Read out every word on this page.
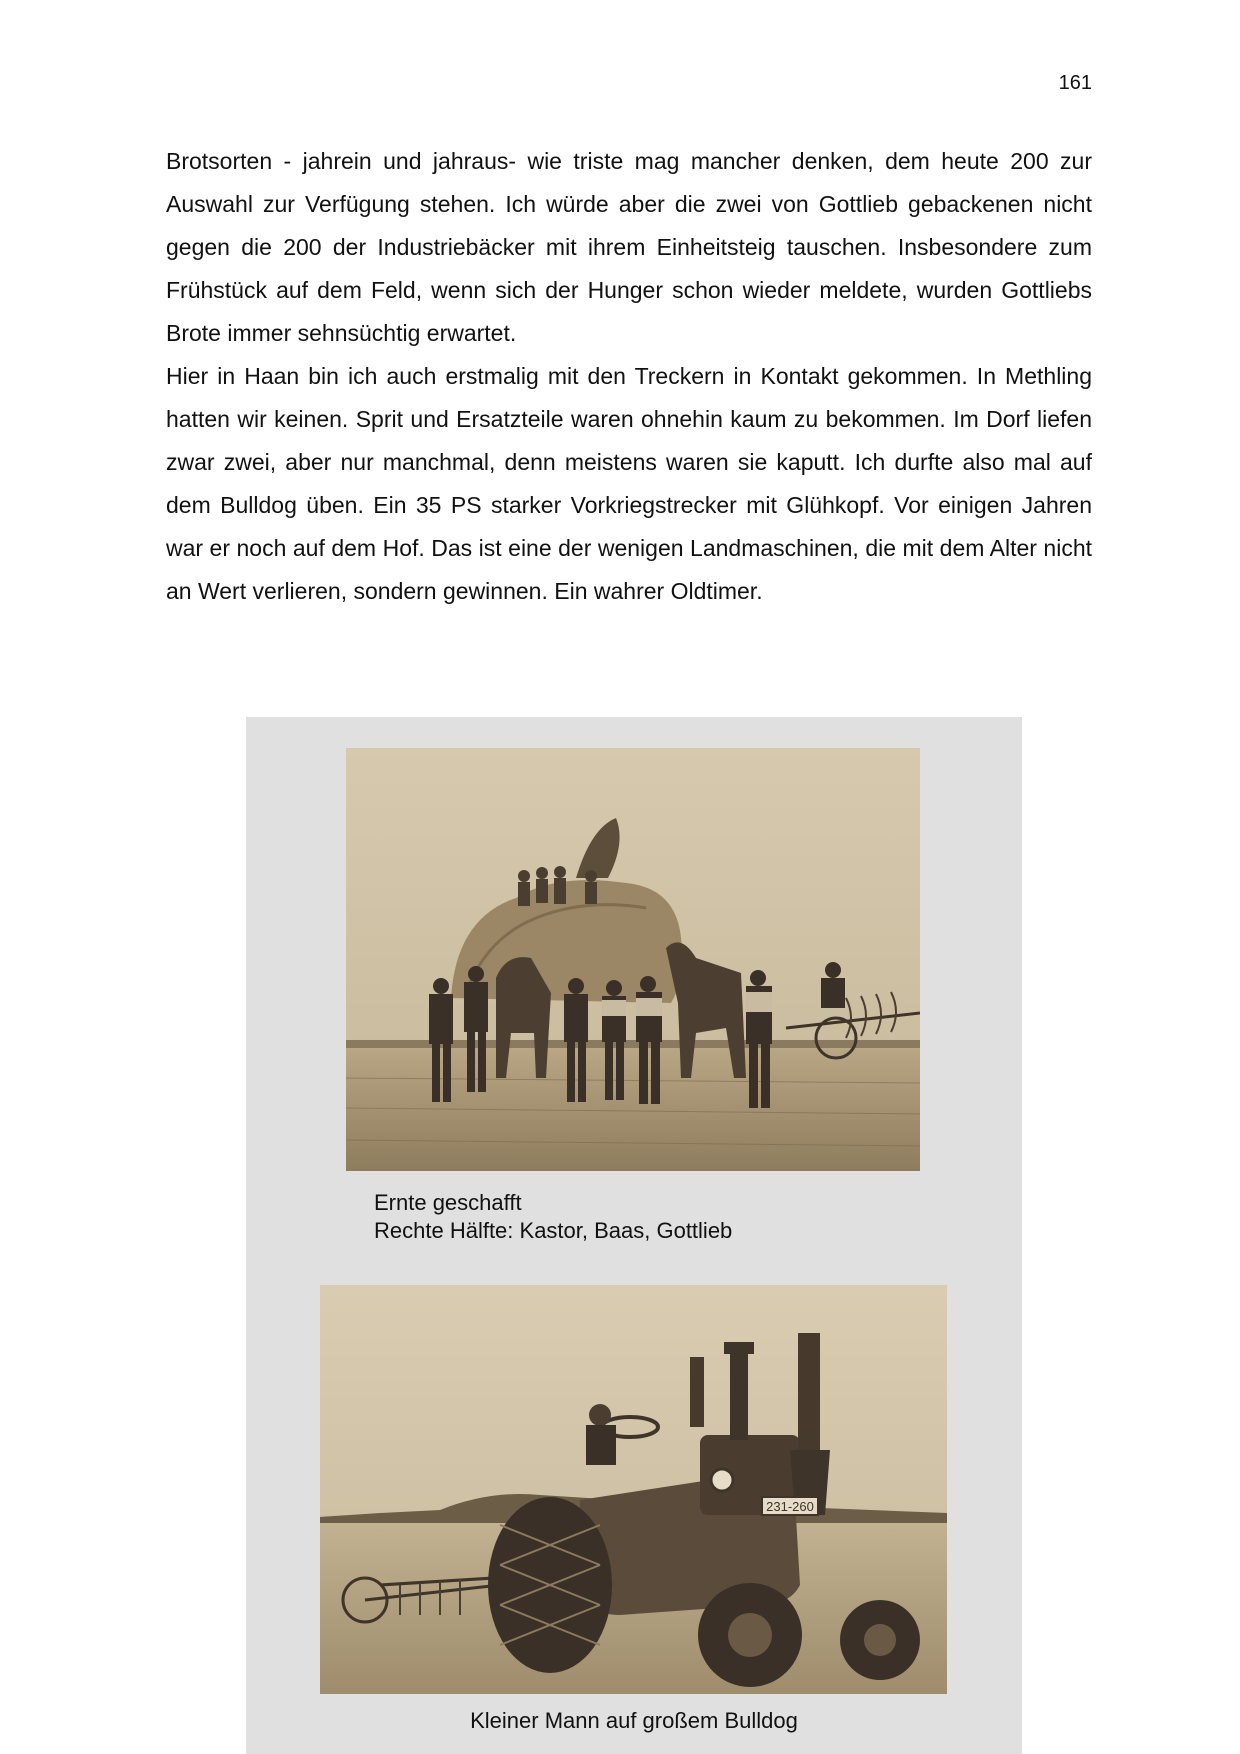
161

Brotsorten - jahrein und jahraus- wie triste mag mancher denken, dem heute 200 zur Auswahl zur Verfügung stehen. Ich würde aber die zwei von Gottlieb gebackenen nicht gegen die 200 der Industriebäcker mit ihrem Einheitsteig tauschen. Insbesondere zum Frühstück auf dem Feld, wenn sich der Hunger schon wieder meldete, wurden Gottliebs Brote immer sehnsüchtig erwartet.

Hier in Haan bin ich auch erstmalig mit den Treckern in Kontakt gekommen. In Methling hatten wir keinen. Sprit und Ersatzteile waren ohnehin kaum zu bekommen. Im Dorf liefen zwar zwei, aber nur manchmal, denn meistens waren sie kaputt. Ich durfte also mal auf dem Bulldog üben. Ein 35 PS starker Vorkriegstrecker mit Glühkopf. Vor einigen Jahren war er noch auf dem Hof. Das ist eine der wenigen Landmaschinen, die mit dem Alter nicht an Wert verlieren, sondern gewinnen. Ein wahrer Oldtimer.

Ernte geschafft
Rechte Hälfte: Kastor, Baas, Gottlieb
231-260
Kleiner Mann auf großem Bulldog
